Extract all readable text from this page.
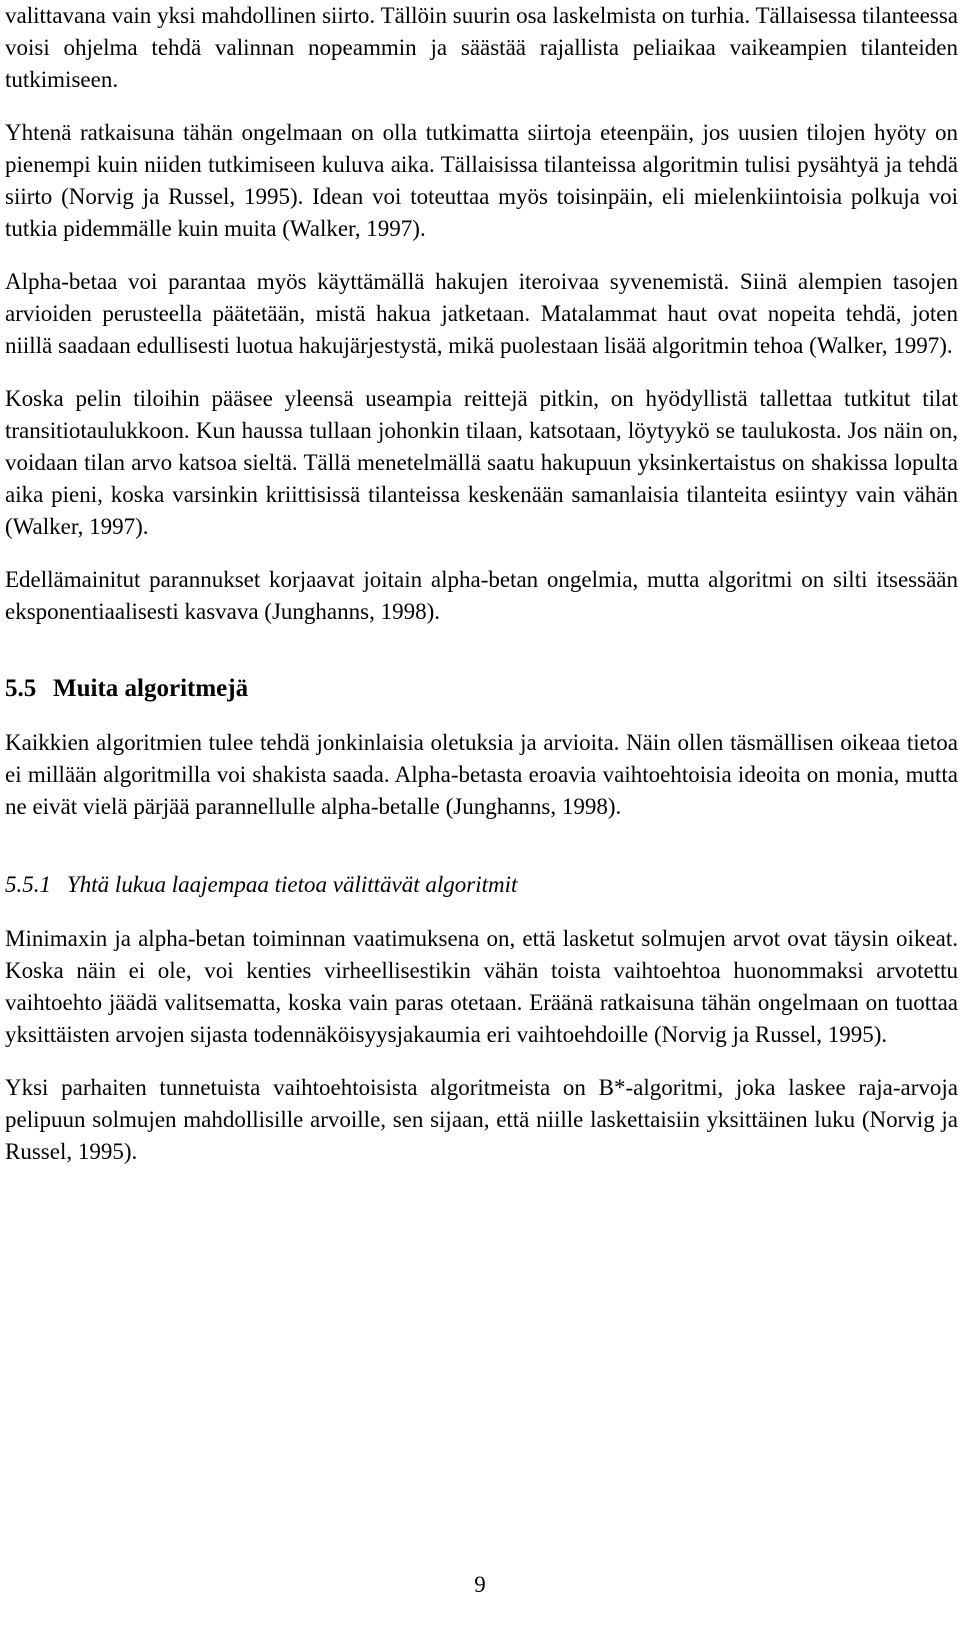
valittavana vain yksi mahdollinen siirto. Tällöin suurin osa laskelmista on turhia. Tällaisessa tilanteessa voisi ohjelma tehdä valinnan nopeammin ja säästää rajallista peliaikaa vaikeampien tilanteiden tutkimiseen.

Yhtenä ratkaisuna tähän ongelmaan on olla tutkimatta siirtoja eteenpäin, jos uusien tilojen hyöty on pienempi kuin niiden tutkimiseen kuluva aika. Tällaisissa tilanteissa algoritmin tulisi pysähtyä ja tehdä siirto (Norvig ja Russel, 1995). Idean voi toteuttaa myös toisinpäin, eli mielenkiintoisia polkuja voi tutkia pidemmälle kuin muita (Walker, 1997).

Alpha-betaa voi parantaa myös käyttämällä hakujen iteroivaa syvenemistä. Siinä alempien tasojen arvioiden perusteella päätetään, mistä hakua jatketaan. Matalammat haut ovat nopeita tehdä, joten niillä saadaan edullisesti luotua hakujärjestystä, mikä puolestaan lisää algoritmin tehoa (Walker, 1997).

Koska pelin tiloihin pääsee yleensä useampia reittejä pitkin, on hyödyllistä tallettaa tutkitut tilat transitiotaulukkoon. Kun haussa tullaan johonkin tilaan, katsotaan, löytyykö se taulukosta. Jos näin on, voidaan tilan arvo katsoa sieltä. Tällä menetelmällä saatu hakupuun yksinkertaistus on shakissa lopulta aika pieni, koska varsinkin kriittisissä tilanteissa keskenään samanlaisia tilanteita esiintyy vain vähän (Walker, 1997).

Edellämainitut parannukset korjaavat joitain alpha-betan ongelmia, mutta algoritmi on silti itsessään eksponentiaalisesti kasvava (Junghanns, 1998).

5.5 Muita algoritmejä

Kaikkien algoritmien tulee tehdä jonkinlaisia oletuksia ja arvioita. Näin ollen täsmällisen oikeaa tietoa ei millään algoritmilla voi shakista saada. Alpha-betasta eroavia vaihtoehtoisia ideoita on monia, mutta ne eivät vielä pärjää parannellulle alpha-betalle (Junghanns, 1998).

5.5.1 Yhtä lukua laajempaa tietoa välittävät algoritmit

Minimaxin ja alpha-betan toiminnan vaatimuksena on, että lasketut solmujen arvot ovat täysin oikeat. Koska näin ei ole, voi kenties virheellisestikin vähän toista vaihtoehtoa huonommaksi arvotettu vaihtoehto jäädä valitsematta, koska vain paras otetaan. Eräänä ratkaisuna tähän ongelmaan on tuottaa yksittäisten arvojen sijasta todennäköisyysjakaumia eri vaihtoehdoille (Norvig ja Russel, 1995).

Yksi parhaiten tunnetuista vaihtoehtoisista algoritmeista on B*-algoritmi, joka laskee raja-arvoja pelipuun solmujen mahdollisille arvoille, sen sijaan, että niille laskettaisiin yksittäinen luku (Norvig ja Russel, 1995).

9
